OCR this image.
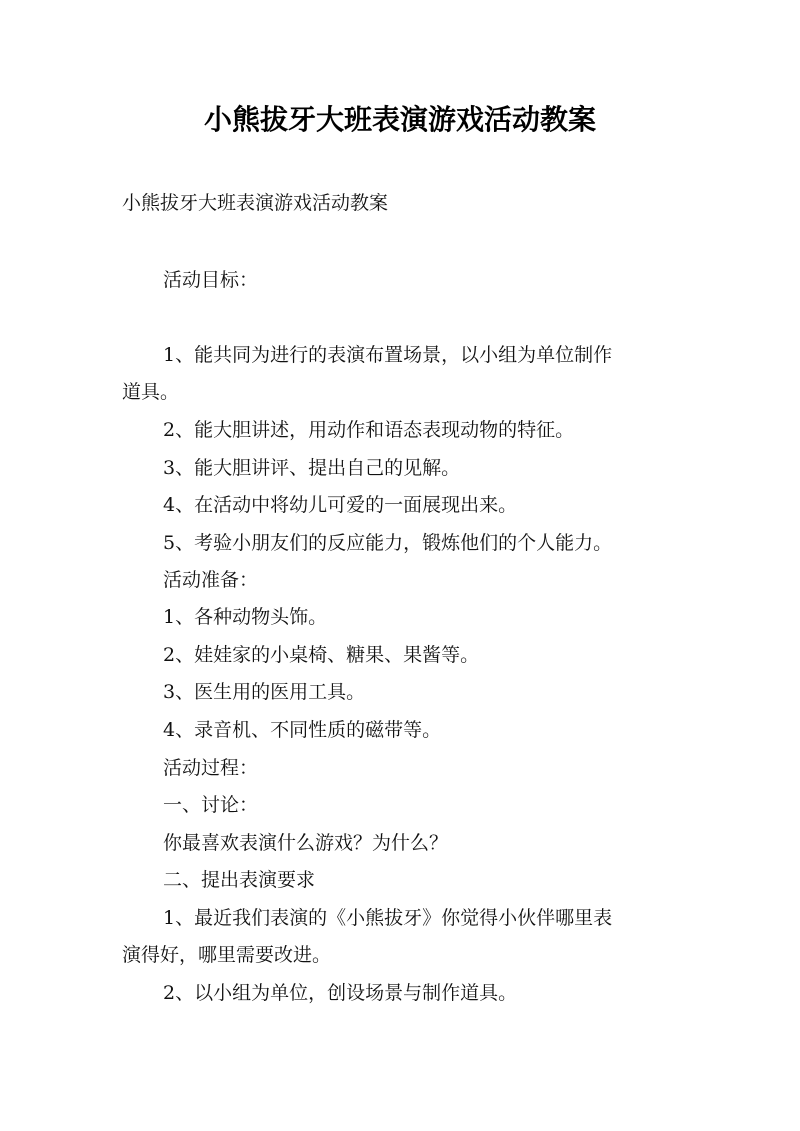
小熊拔牙大班表演游戏活动教案
小熊拔牙大班表演游戏活动教案
活动目标：
1、能共同为进行的表演布置场景，以小组为单位制作
道具。
2、能大胆讲述，用动作和语态表现动物的特征。
3、能大胆讲评、提出自己的见解。
4、在活动中将幼儿可爱的一面展现出来。
5、考验小朋友们的反应能力，锻炼他们的个人能力。
活动准备：
1、各种动物头饰。
2、娃娃家的小桌椅、糖果、果酱等。
3、医生用的医用工具。
4、录音机、不同性质的磁带等。
活动过程：
一、讨论：
你最喜欢表演什么游戏？为什么？
二、提出表演要求
1、最近我们表演的《小熊拔牙》你觉得小伙伴哪里表
演得好，哪里需要改进。
2、以小组为单位，创设场景与制作道具。
